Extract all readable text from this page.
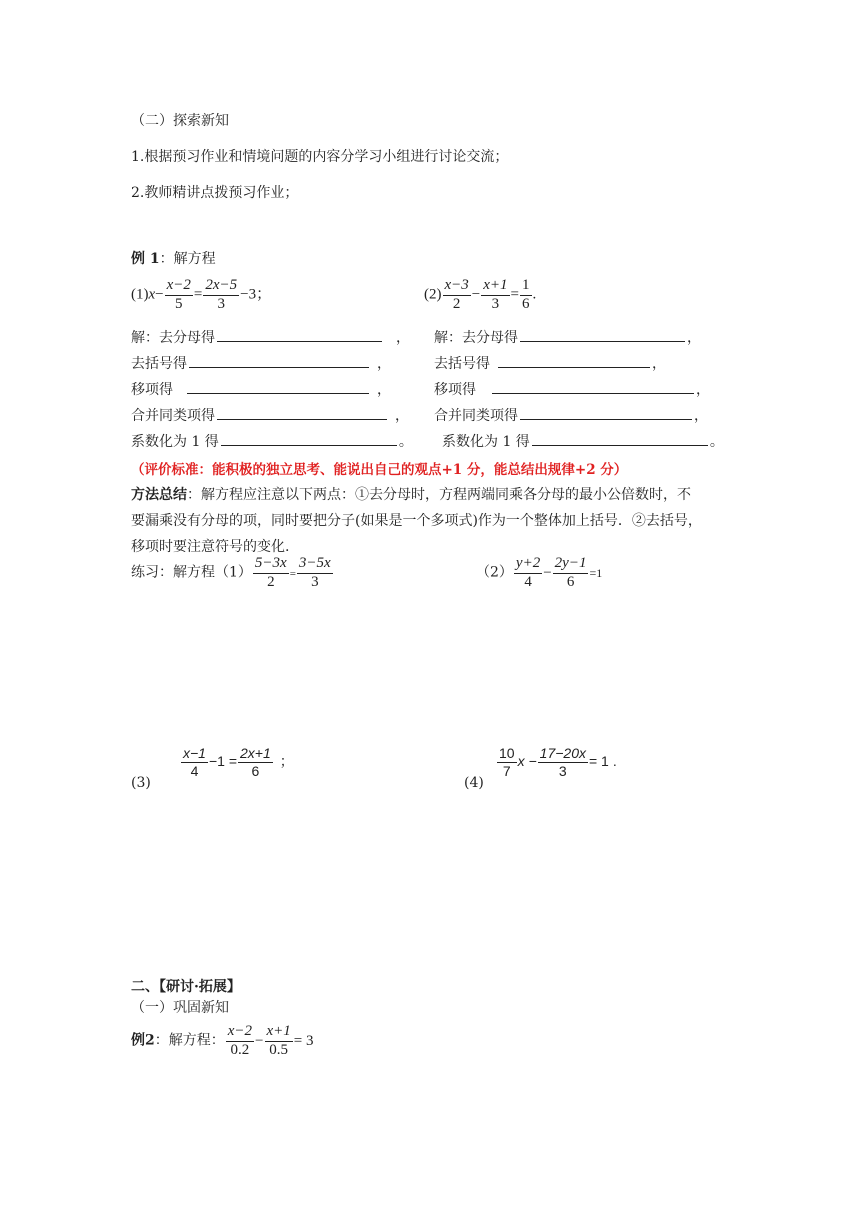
（二）探索新知
1.根据预习作业和情境问题的内容分学习小组进行讨论交流；
2.教师精讲点拨预习作业；
例 1：解方程
$(1)x- \frac{x-2}{5} = \frac{2x-5}{3} -3$；	$(2) \frac{x-3}{2} - \frac{x+1}{3} = \frac{1}{6}$ .
解：去分母得	，
去括号得	，
移项得	，
合并同类项得	，
系数化为 1 得	。
解：去分母得	，
去括号得	，
移项得	，
合并同类项得	，
系数化为 1 得	。
（评价标准：能积极的独立思考、能说出自己的观点+1 分，能总结出规律+2 分）
方法总结：解方程应注意以下两点：①去分母时，方程两端同乘各分母的最小公倍数时，不
要漏乘没有分母的项，同时要把分子(如果是一个多项式)作为一个整体加上括号．②去括号，
移项时要注意符号的变化.
练习：解方程$(1) \frac{5-3x}{2} = \frac{3-5x}{3}$	$(2) \frac{y+2}{4} - \frac{2y-1}{6} =1$
(3)
$\frac{x-1}{4} -1 = \frac{2x+1}{6}$ ；
(4)
$\frac{10}{7}$ $x - \frac{17-20x}{3} = 1$ .
二、【研讨·拓展】
（一）巩固新知
例2：解方程： $\frac{x-2}{0.2} - \frac{x+1}{0.5} = 3$
